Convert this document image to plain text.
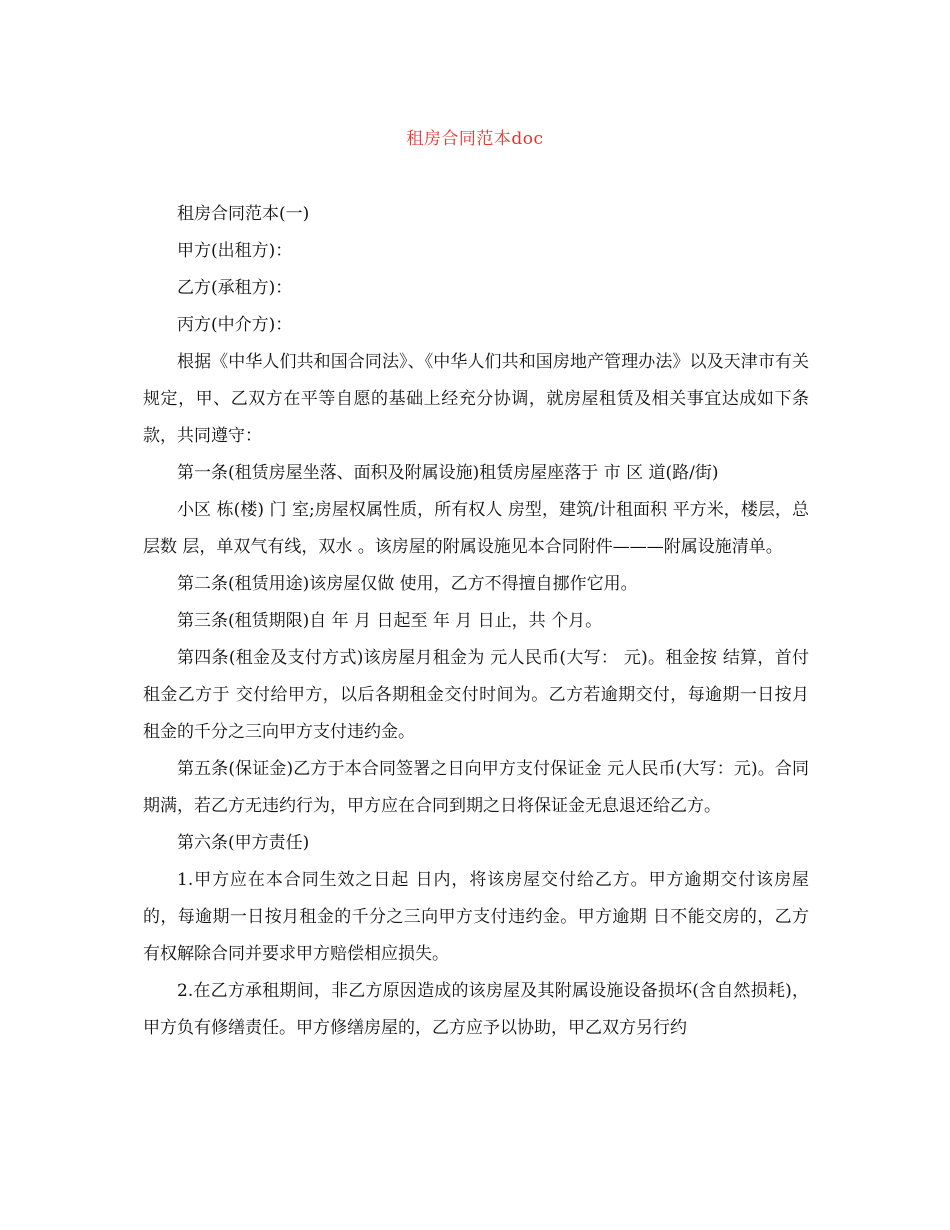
租房合同范本doc

租房合同范本(一)

甲方(出租方)：

乙方(承租方)：

丙方(中介方)：

根据《中华人们共和国合同法》、《中华人们共和国房地产管理办法》以及天津市有关规定，甲、乙双方在平等自愿的基础上经充分协调，就房屋租赁及相关事宜达成如下条款，共同遵守：

第一条(租赁房屋坐落、面积及附属设施)租赁房屋座落于 市 区 道(路/街)

小区 栋(楼) 门 室;房屋权属性质，所有权人 房型，建筑/计租面积 平方米，楼层，总层数 层，单双气有线，双水 。该房屋的附属设施见本合同附件———附属设施清单。

第二条(租赁用途)该房屋仅做 使用，乙方不得擅自挪作它用。

第三条(租赁期限)自 年 月 日起至 年 月 日止，共 个月。

第四条(租金及支付方式)该房屋月租金为 元人民币(大写： 元)。租金按 结算，首付租金乙方于 交付给甲方，以后各期租金交付时间为。乙方若逾期交付，每逾期一日按月租金的千分之三向甲方支付违约金。

第五条(保证金)乙方于本合同签署之日向甲方支付保证金 元人民币(大写：元)。合同期满，若乙方无违约行为，甲方应在合同到期之日将保证金无息退还给乙方。

第六条(甲方责任)

1.甲方应在本合同生效之日起 日内，将该房屋交付给乙方。甲方逾期交付该房屋的，每逾期一日按月租金的千分之三向甲方支付违约金。甲方逾期 日不能交房的，乙方有权解除合同并要求甲方赔偿相应损失。

2.在乙方承租期间，非乙方原因造成的该房屋及其附属设施设备损坏(含自然损耗)，甲方负有修缮责任。甲方修缮房屋的，乙方应予以协助，甲乙双方另行约
